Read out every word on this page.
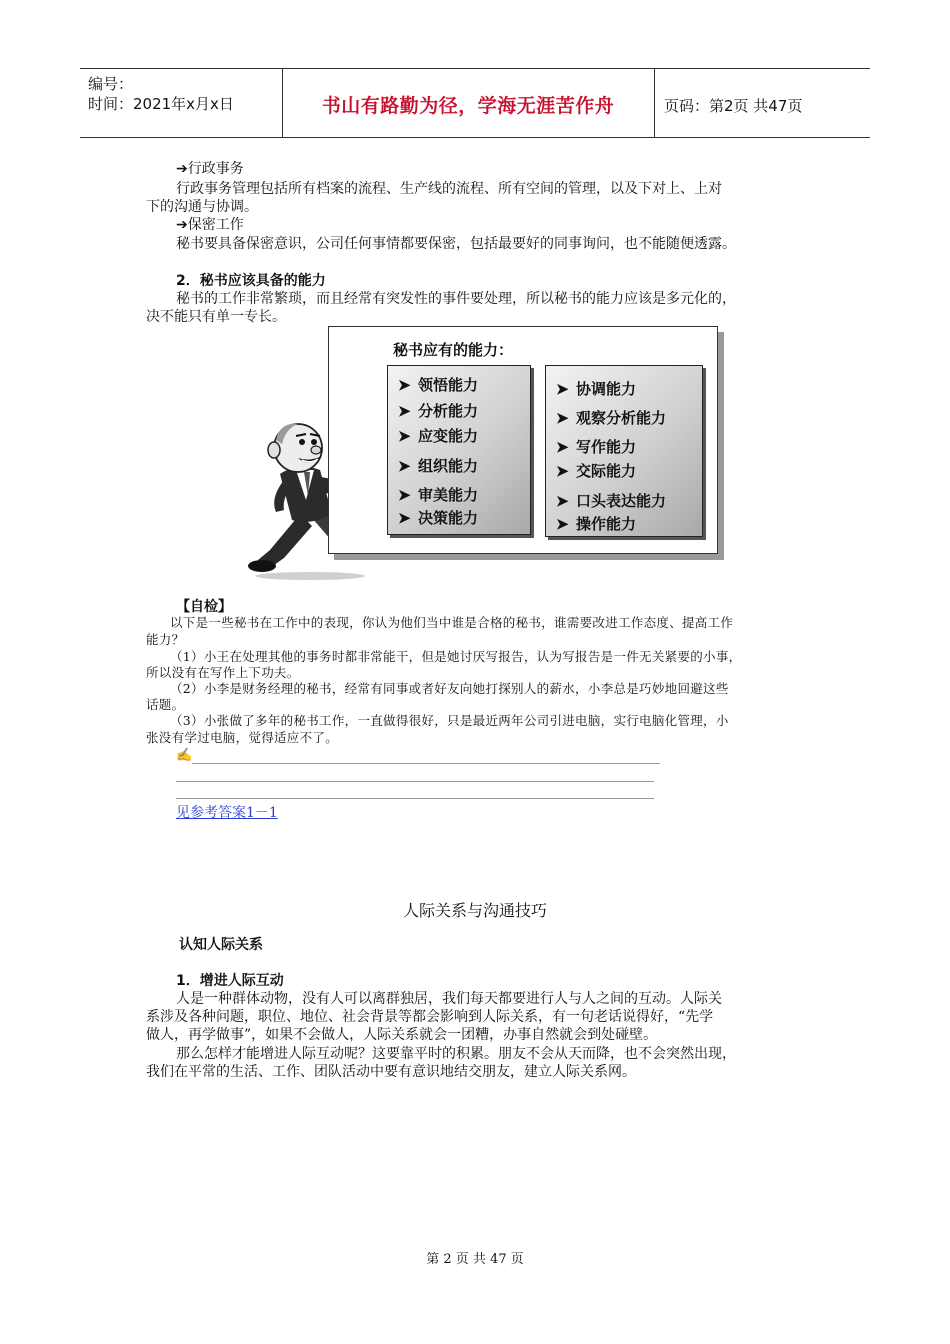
编号：
时间：2021年x月x日	书山有路勤为径，学海无涯苦作舟	页码：第2页 共47页
➔行政事务
行政事务管理包括所有档案的流程、生产线的流程、所有空间的管理，以及下对上、上对
下的沟通与协调。
➔保密工作
秘书要具备保密意识，公司任何事情都要保密，包括最要好的同事询问，也不能随便透露。
2．秘书应该具备的能力
秘书的工作非常繁琐，而且经常有突发性的事件要处理，所以秘书的能力应该是多元化的，
决不能只有单一专长。
秘书应有的能力：
➤ 领悟能力
➤ 分析能力
➤ 应变能力
➤ 组织能力
➤ 审美能力
➤ 决策能力
➤ 协调能力
➤ 观察分析能力
➤ 写作能力
➤ 交际能力
➤ 口头表达能力
➤ 操作能力
【自检】
以下是一些秘书在工作中的表现，你认为他们当中谁是合格的秘书，谁需要改进工作态度、提高工作
能力？
（1）小王在处理其他的事务时都非常能干，但是她讨厌写报告，认为写报告是一件无关紧要的小事，
所以没有在写作上下功夫。
（2）小李是财务经理的秘书，经常有同事或者好友向她打探别人的薪水，小李总是巧妙地回避这些
话题。
（3）小张做了多年的秘书工作，一直做得很好，只是最近两年公司引进电脑，实行电脑化管理，小
张没有学过电脑，觉得适应不了。
✍
见参考答案1－1
人际关系与沟通技巧
认知人际关系
1．增进人际互动
人是一种群体动物，没有人可以离群独居，我们每天都要进行人与人之间的互动。人际关
系涉及各种问题，职位、地位、社会背景等都会影响到人际关系，有一句老话说得好，“先学
做人，再学做事”，如果不会做人，人际关系就会一团糟，办事自然就会到处碰壁。
那么怎样才能增进人际互动呢？这要靠平时的积累。朋友不会从天而降，也不会突然出现，
我们在平常的生活、工作、团队活动中要有意识地结交朋友，建立人际关系网。
第 2 页 共 47 页
